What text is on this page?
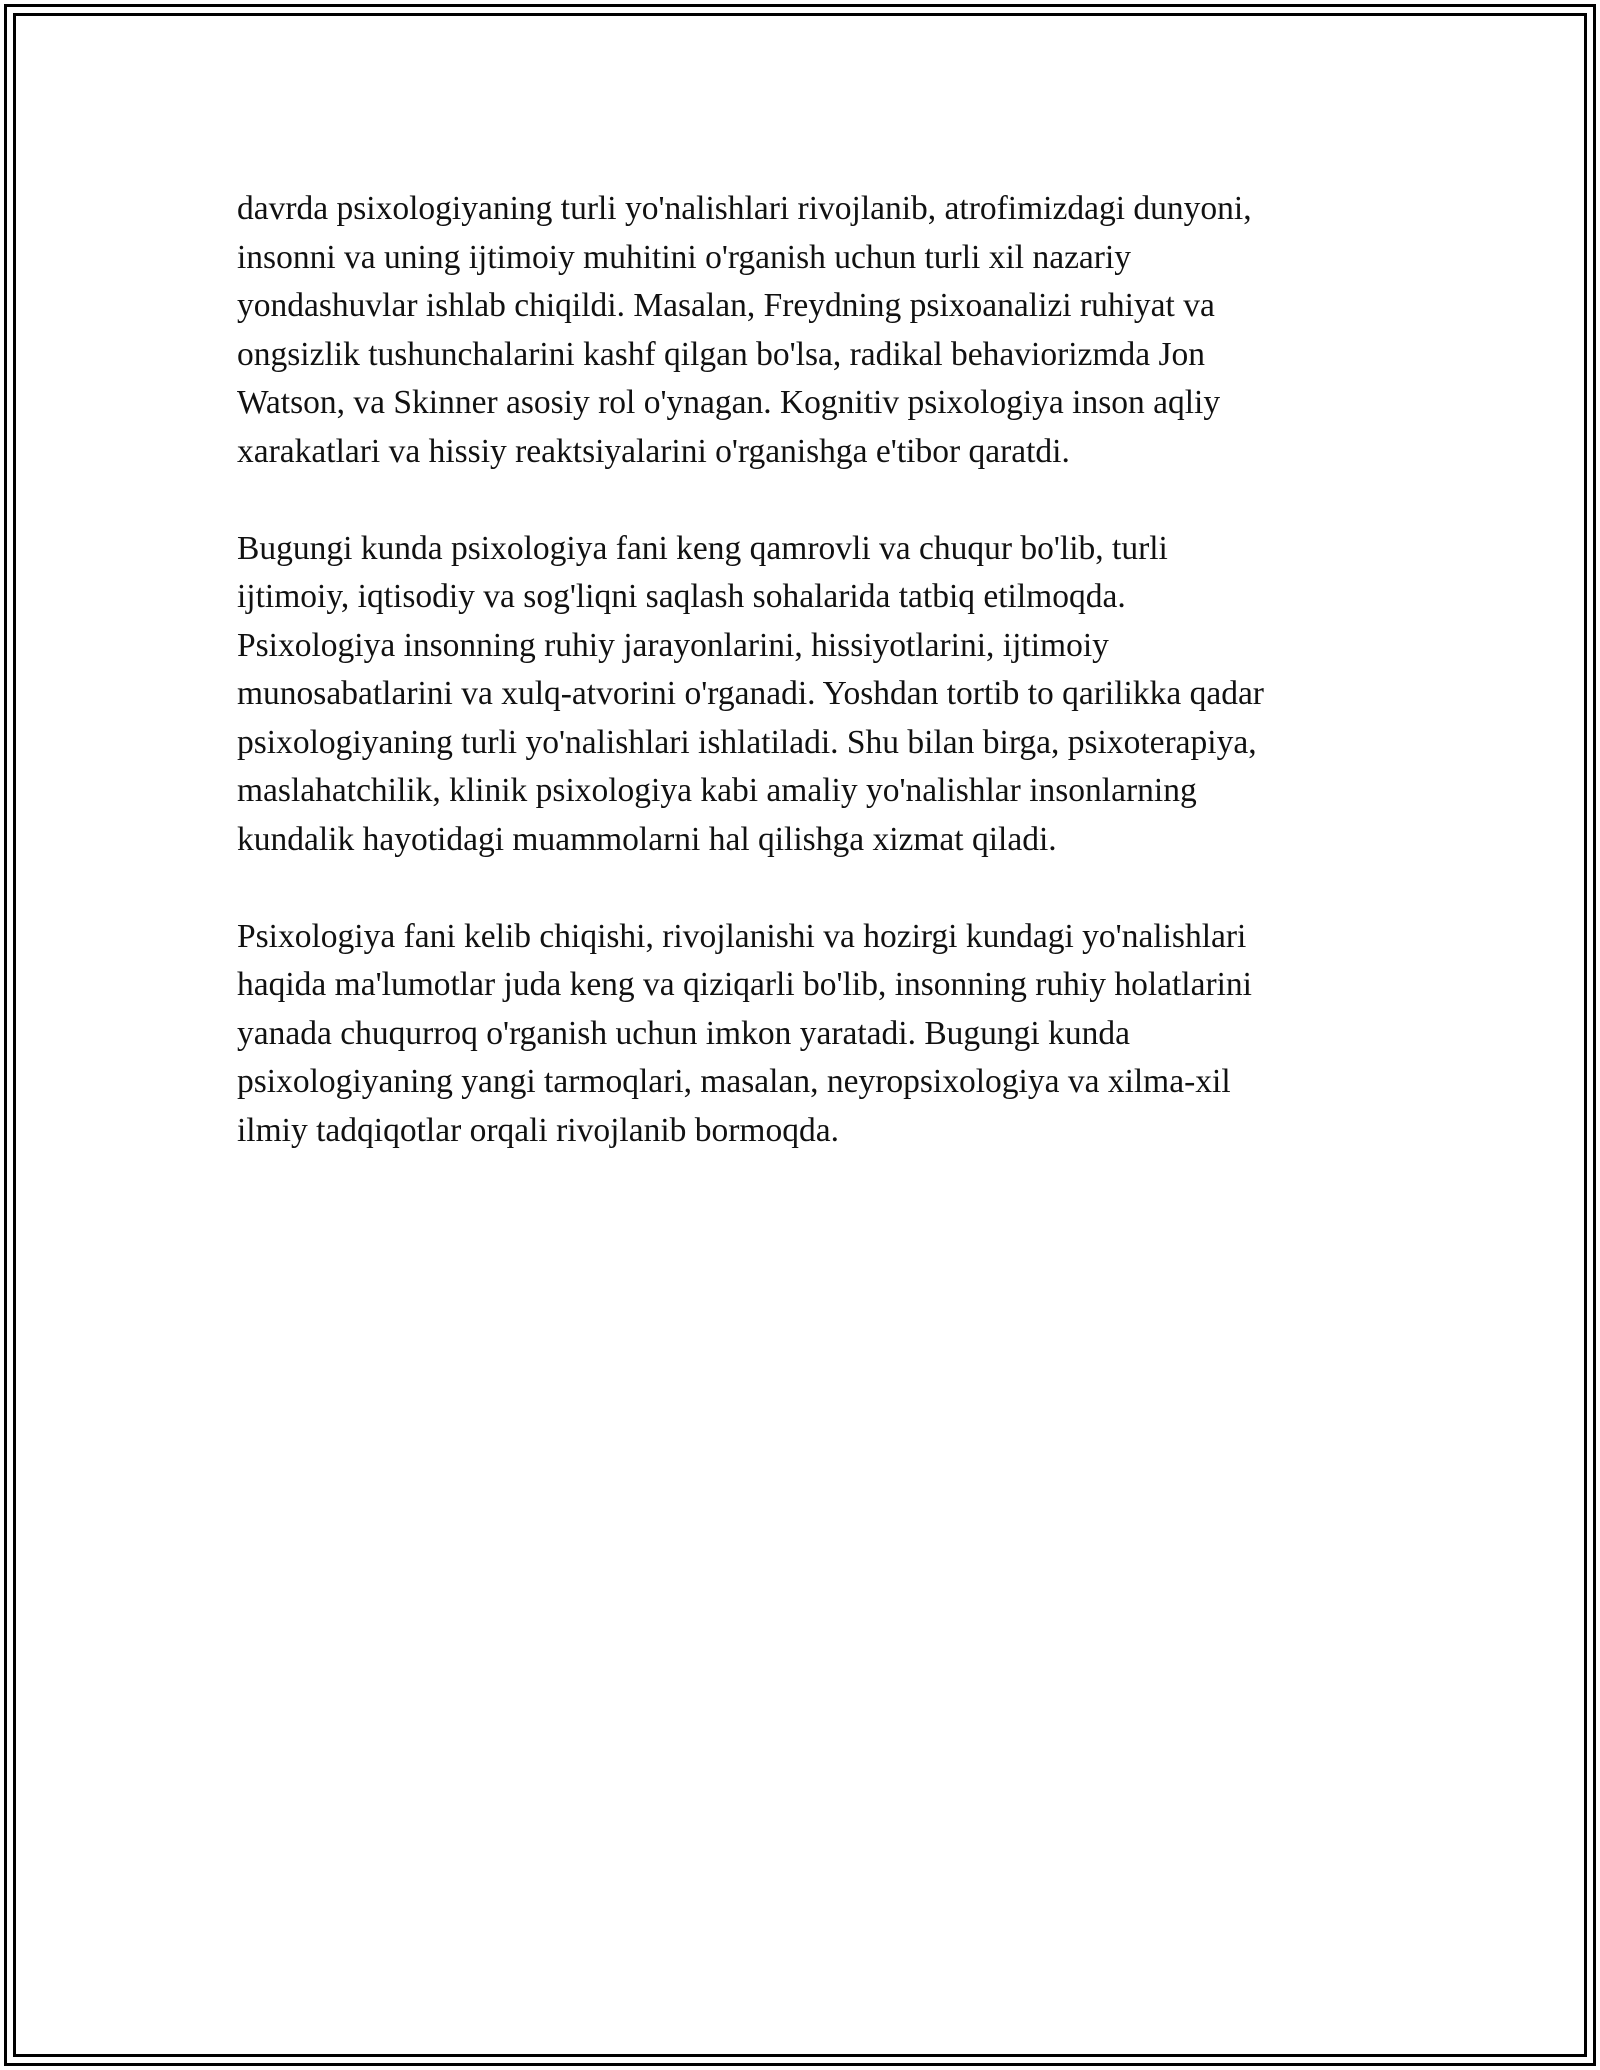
davrda psixologiyaning turli yo'nalishlari rivojlanib, atrofimizdagi dunyoni,
insonni va uning ijtimoiy muhitini o'rganish uchun turli xil nazariy
yondashuvlar ishlab chiqildi. Masalan, Freydning psixoanalizi ruhiyat va
ongsizlik tushunchalarini kashf qilgan bo'lsa, radikal behaviorizmda Jon
Watson, va Skinner asosiy rol o'ynagan. Kognitiv psixologiya inson aqliy
xarakatlari va hissiy reaktsiyalarini o'rganishga e'tibor qaratdi.

Bugungi kunda psixologiya fani keng qamrovli va chuqur bo'lib, turli
ijtimoiy, iqtisodiy va sog'liqni saqlash sohalarida tatbiq etilmoqda.
Psixologiya insonning ruhiy jarayonlarini, hissiyotlarini, ijtimoiy
munosabatlarini va xulq-atvorini o'rganadi. Yoshdan tortib to qarilikka qadar
psixologiyaning turli yo'nalishlari ishlatiladi. Shu bilan birga, psixoterapiya,
maslahatchilik, klinik psixologiya kabi amaliy yo'nalishlar insonlarning
kundalik hayotidagi muammolarni hal qilishga xizmat qiladi.

Psixologiya fani kelib chiqishi, rivojlanishi va hozirgi kundagi yo'nalishlari
haqida ma'lumotlar juda keng va qiziqarli bo'lib, insonning ruhiy holatlarini
yanada chuqurroq o'rganish uchun imkon yaratadi. Bugungi kunda
psixologiyaning yangi tarmoqlari, masalan, neyropsixologiya va xilma-xil
ilmiy tadqiqotlar orqali rivojlanib bormoqda.
